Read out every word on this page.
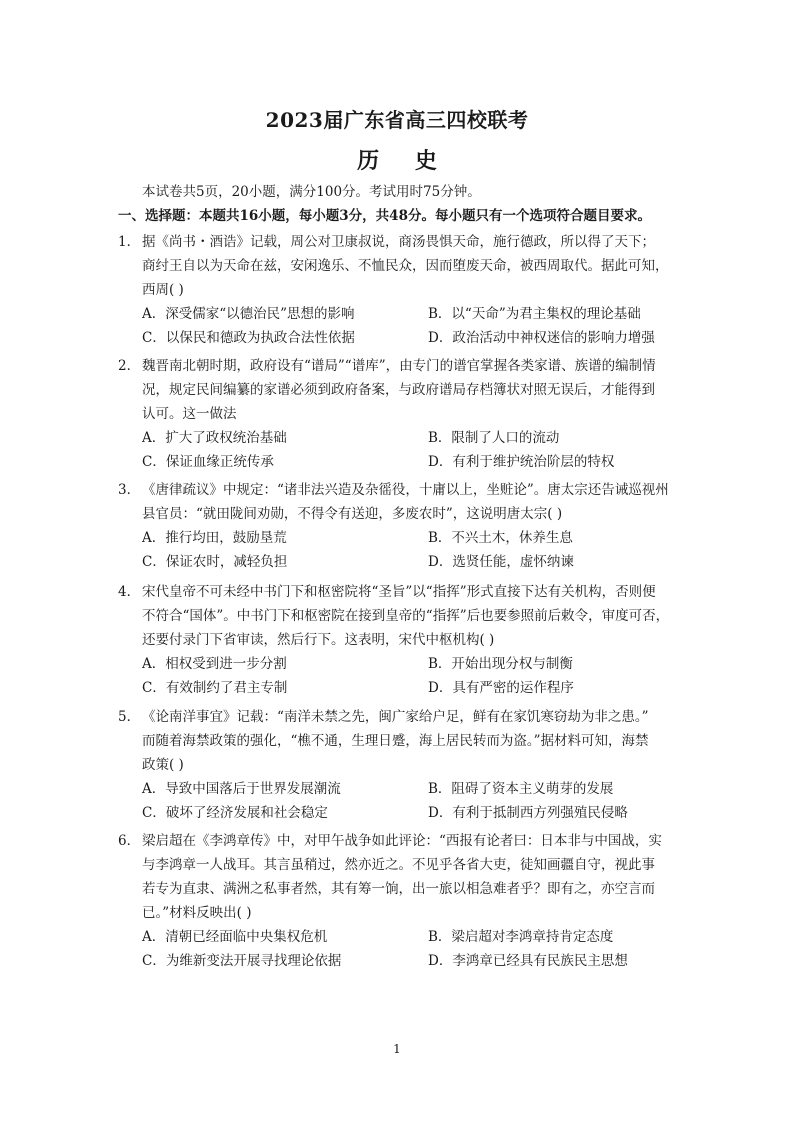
2023届广东省高三四校联考
历 史
本试卷共5页，20小题，满分100分。考试用时75分钟。
一、选择题：本题共16小题，每小题3分，共48分。每小题只有一个选项符合题目要求。
1． 据《尚书・酒诰》记载，周公对卫康叔说，商汤畏惧天命，施行德政，所以得了天下；
商纣王自以为天命在兹，安闲逸乐、不恤民众，因而堕废天命，被西周取代。据此可知，
西周( )
A．深受儒家“以德治民”思想的影响	B．以“天命”为君主集权的理论基础
C．以保民和德政为执政合法性依据	D．政治活动中神权迷信的影响力增强
2． 魏晋南北朝时期，政府设有“谱局”“谱库”，由专门的谱官掌握各类家谱、族谱的编制情
况，规定民间编纂的家谱必须到政府备案，与政府谱局存档簿状对照无误后，才能得到
认可。这一做法
A．扩大了政权统治基础	B．限制了人口的流动
C．保证血缘正统传承	D．有利于维护统治阶层的特权
3． 《唐律疏议》中规定：“诸非法兴造及杂徭役，十庸以上，坐赃论”。唐太宗还告诫巡视州
县官员：“就田陇间劝勋，不得令有送迎，多废农时”，这说明唐太宗( )
A．推行均田，鼓励垦荒	B．不兴土木，休养生息
C．保证农时，减轻负担	D．选贤任能，虚怀纳谏
4． 宋代皇帝不可未经中书门下和枢密院将“圣旨”以“指挥”形式直接下达有关机构，否则便
不符合“国体”。中书门下和枢密院在接到皇帝的“指挥”后也要参照前后敕令，审度可否，
还要付录门下省审读，然后行下。这表明，宋代中枢机构( )
A．相权受到进一步分割	B．开始出现分权与制衡
C．有效制约了君主专制	D．具有严密的运作程序
5． 《论南洋事宜》记载：“南洋未禁之先，闽广家给户足，鲜有在家饥寒窃劫为非之患。”
而随着海禁政策的强化，“樵不通，生理日蹙，海上居民转而为盗。”据材料可知，海禁
政策( )
A．导致中国落后于世界发展潮流	B．阻碍了资本主义萌芽的发展
C．破坏了经济发展和社会稳定	D．有利于抵制西方列强殖民侵略
6． 梁启超在《李鸿章传》中，对甲午战争如此评论：“西报有论者曰：日本非与中国战，实
与李鸿章一人战耳。其言虽稍过，然亦近之。不见乎各省大吏，徒知画疆自守，视此事
若专为直隶、满洲之私事者然，其有筹一饷，出一旅以相急难者乎？即有之，亦空言而
已。”材料反映出( )
A．清朝已经面临中央集权危机	B．梁启超对李鸿章持肯定态度
C．为维新变法开展寻找理论依据	D．李鸿章已经具有民族民主思想
1
